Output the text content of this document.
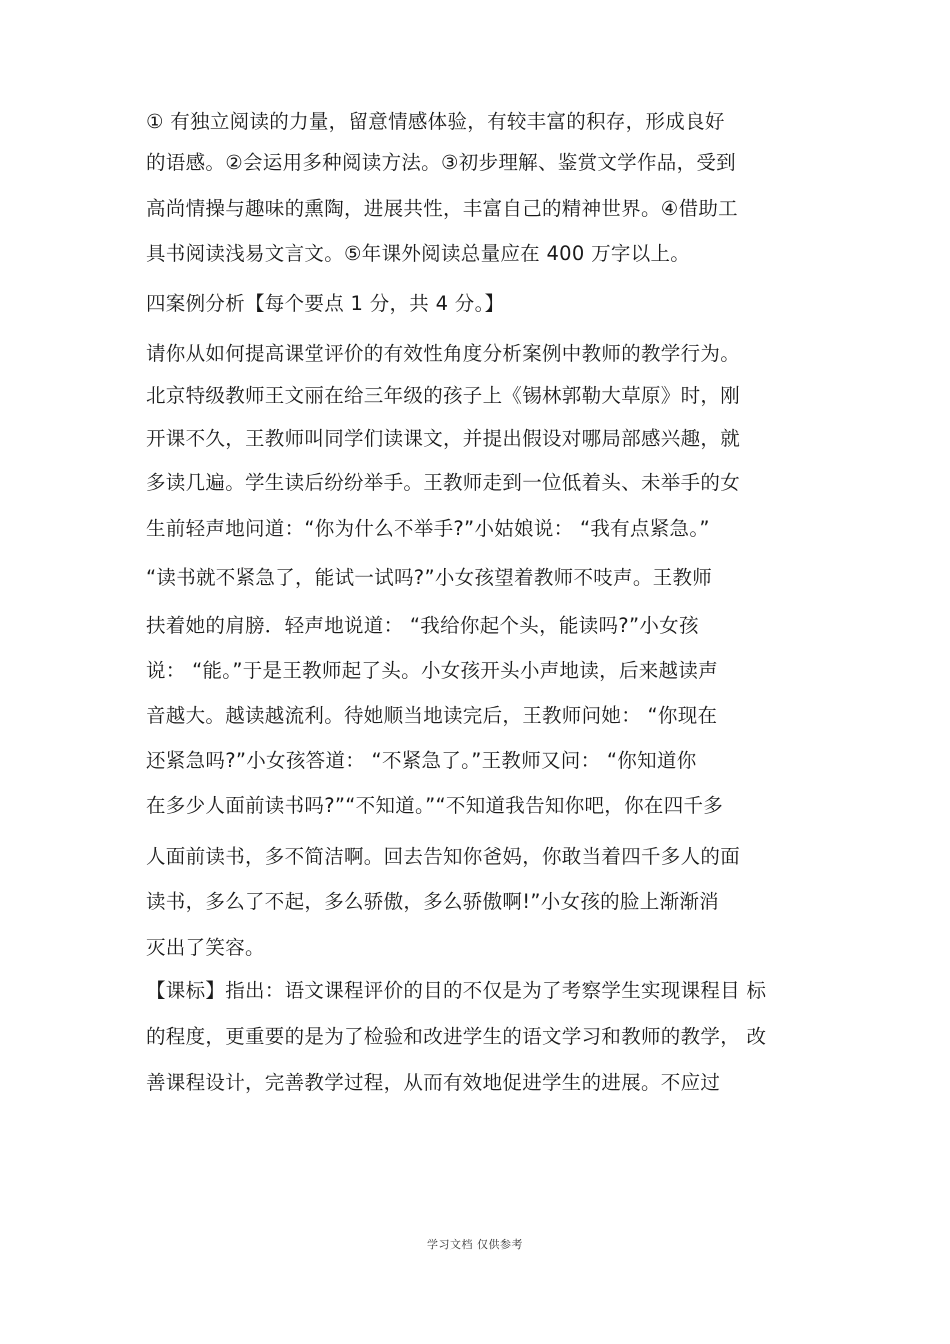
① 有独立阅读的力量，留意情感体验，有较丰富的积存，形成良好
的语感。②会运用多种阅读方法。③初步理解、鉴赏文学作品，受到
高尚情操与趣味的熏陶，进展共性，丰富自己的精神世界。④借助工
具书阅读浅易文言文。⑤年课外阅读总量应在 400 万字以上。
四案例分析【每个要点 1 分，共 4 分。】
请你从如何提高课堂评价的有效性角度分析案例中教师的教学行为。
北京特级教师王文丽在给三年级的孩子上《锡林郭勒大草原》时，刚
开课不久，王教师叫同学们读课文，并提出假设对哪局部感兴趣，就
多读几遍。学生读后纷纷举手。王教师走到一位低着头、未举手的女
生前轻声地问道：“你为什么不举手?”小姑娘说： “我有点紧急。”
“读书就不紧急了，能试一试吗?”小女孩望着教师不吱声。王教师
扶着她的肩膀．轻声地说道： “我给你起个头，能读吗?”小女孩
说： “能。”于是王教师起了头。小女孩开头小声地读，后来越读声
音越大。越读越流利。待她顺当地读完后，王教师问她： “你现在
还紧急吗?”小女孩答道： “不紧急了。”王教师又问： “你知道你
在多少人面前读书吗?”“不知道。”“不知道我告知你吧，你在四千多
人面前读书，多不简洁啊。回去告知你爸妈，你敢当着四千多人的面
读书，多么了不起，多么骄傲，多么骄傲啊!”小女孩的脸上渐渐消
灭出了笑容。
【课标】指出：语文课程评价的目的不仅是为了考察学生实现课程目 标
的程度，更重要的是为了检验和改进学生的语文学习和教师的教学， 改
善课程设计，完善教学过程，从而有效地促进学生的进展。不应过
学习文档 仅供参考
